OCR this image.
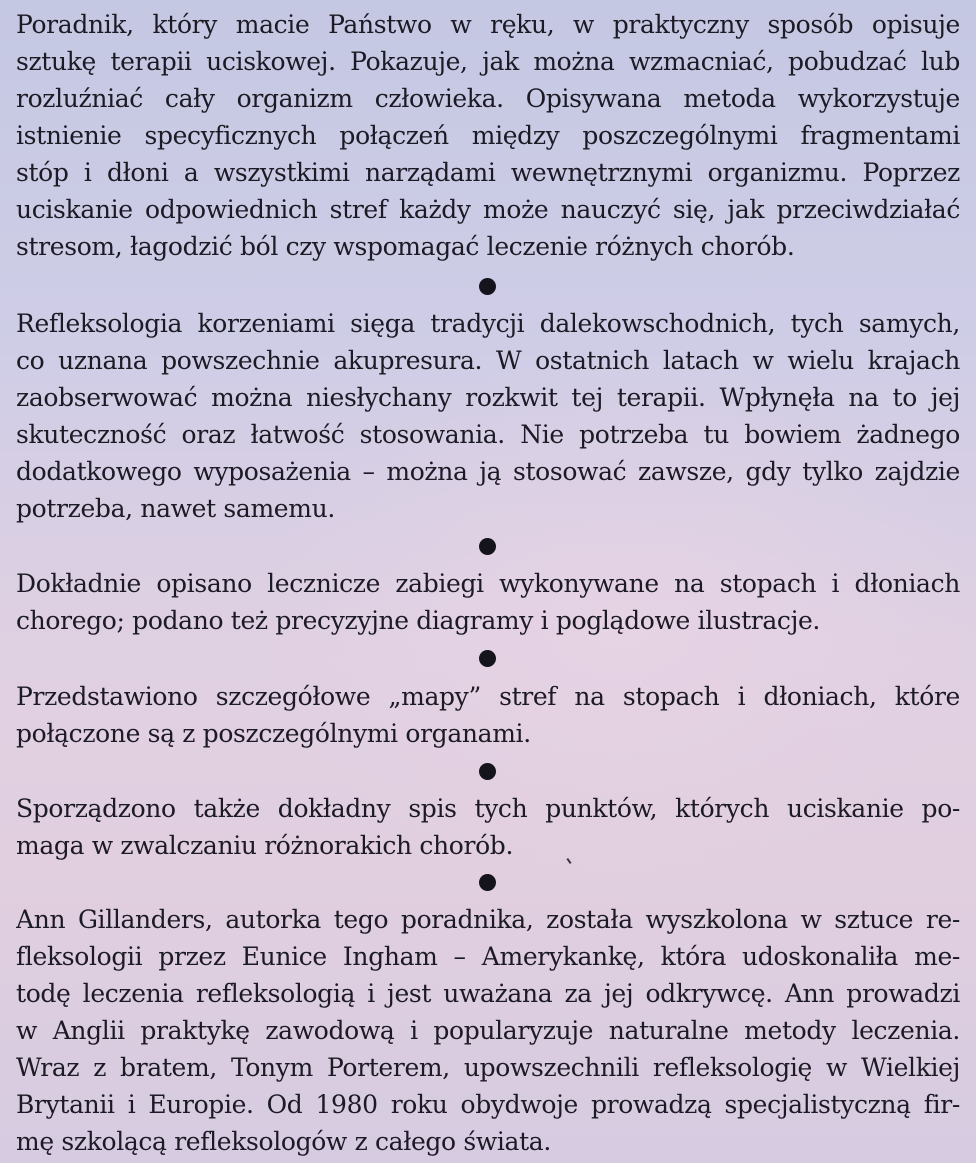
Poradnik, który macie Państwo w ręku, w praktyczny sposób opisuje
sztukę terapii uciskowej. Pokazuje, jak można wzmacniać, pobudzać lub
rozluźniać cały organizm człowieka. Opisywana metoda wykorzystuje
istnienie specyficznych połączeń między poszczególnymi fragmentami
stóp i dłoni a wszystkimi narządami wewnętrznymi organizmu. Poprzez
uciskanie odpowiednich stref każdy może nauczyć się, jak przeciwdziałać
stresom, łagodzić ból czy wspomagać leczenie różnych chorób.
Refleksologia korzeniami sięga tradycji dalekowschodnich, tych samych,
co uznana powszechnie akupresura. W ostatnich latach w wielu krajach
zaobserwować można niesłychany rozkwit tej terapii. Wpłynęła na to jej
skuteczność oraz łatwość stosowania. Nie potrzeba tu bowiem żadnego
dodatkowego wyposażenia – można ją stosować zawsze, gdy tylko zajdzie
potrzeba, nawet samemu.
Dokładnie opisano lecznicze zabiegi wykonywane na stopach i dłoniach
chorego; podano też precyzyjne diagramy i poglądowe ilustracje.
Przedstawiono szczegółowe „mapy” stref na stopach i dłoniach, które
połączone są z poszczególnymi organami.
Sporządzono także dokładny spis tych punktów, których uciskanie po-
maga w zwalczaniu różnorakich chorób.
Ann Gillanders, autorka tego poradnika, została wyszkolona w sztuce re-
fleksologii przez Eunice Ingham – Amerykankę, która udoskonaliła me-
todę leczenia refleksologią i jest uważana za jej odkrywcę. Ann prowadzi
w Anglii praktykę zawodową i popularyzuje naturalne metody leczenia.
Wraz z bratem, Tonym Porterem, upowszechnili refleksologię w Wielkiej
Brytanii i Europie. Od 1980 roku obydwoje prowadzą specjalistyczną fir-
mę szkolącą refleksologów z całego świata.
